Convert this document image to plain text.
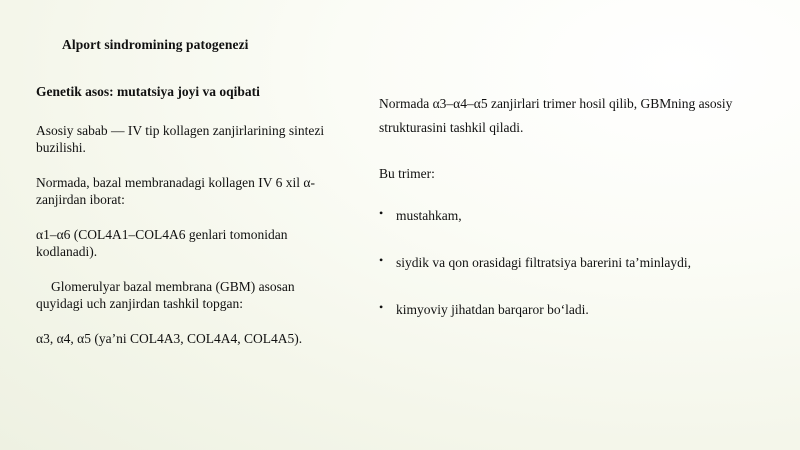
Alport sindromining patogenezi
Genetik asos: mutatsiya joyi va oqibati

Asosiy sabab — IV tip kollagen zanjirlarining sintezi buzilishi.

Normada, bazal membranadagi kollagen IV 6 xil α-zanjirdan iborat:

α1–α6 (COL4A1–COL4A6 genlari tomonidan kodlanadi).

Glomerulyar bazal membrana (GBM) asosan quyidagi uch zanjirdan tashkil topgan:

α3, α4, α5 (ya’ni COL4A3, COL4A4, COL4A5).

Normada α3–α4–α5 zanjirlari trimer hosil qilib, GBMning asosiy strukturasini tashkil qiladi.

Bu trimer:

• mustahkam,
• siydik va qon orasidagi filtratsiya barerini ta’minlaydi,
• kimyoviy jihatdan barqaror bo‘ladi.
